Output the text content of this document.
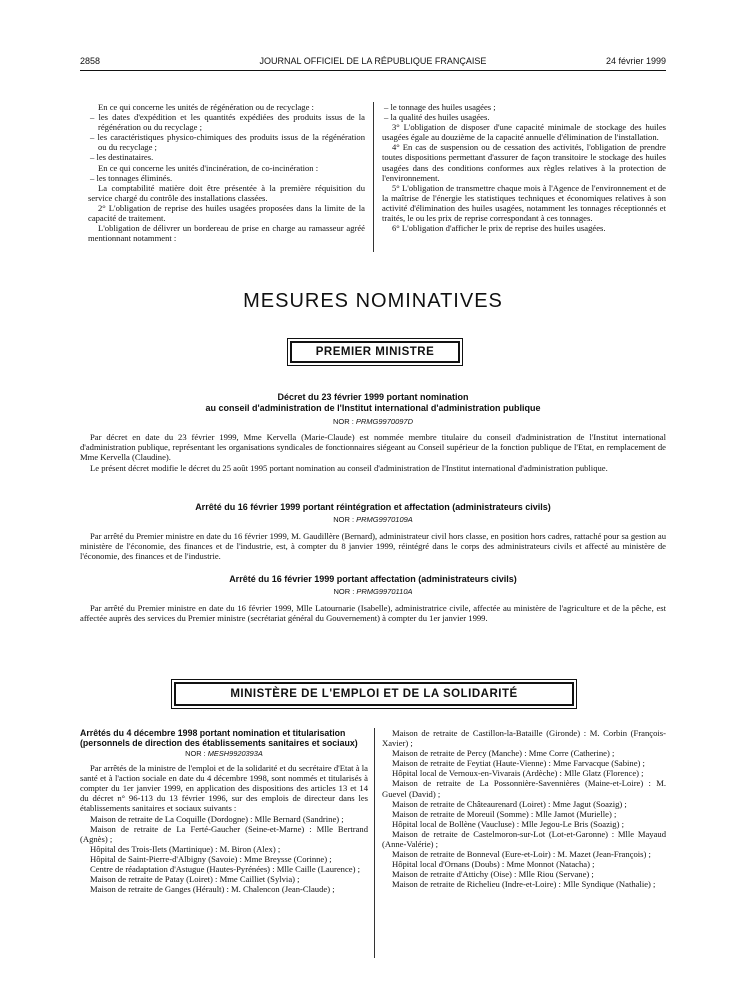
2858	JOURNAL OFFICIEL DE LA RÉPUBLIQUE FRANÇAISE	24 février 1999

En ce qui concerne les unités de régénération ou de recyclage :

– les dates d'expédition et les quantités expédiées des produits issus de la régénération ou du recyclage ;

– les caractéristiques physico-chimiques des produits issus de la régénération ou du recyclage ;

– les destinataires.

En ce qui concerne les unités d'incinération, de co-incinération :

– les tonnages éliminés.

La comptabilité matière doit être présentée à la première réquisition du service chargé du contrôle des installations classées.

2° L'obligation de reprise des huiles usagées proposées dans la limite de la capacité de traitement.

L'obligation de délivrer un bordereau de prise en charge au ramasseur agréé mentionnant notamment :

– le tonnage des huiles usagées ;

– la qualité des huiles usagées.

3° L'obligation de disposer d'une capacité minimale de stockage des huiles usagées égale au douzième de la capacité annuelle d'élimination de l'installation.

4° En cas de suspension ou de cessation des activités, l'obligation de prendre toutes dispositions permettant d'assurer de façon transitoire le stockage des huiles usagées dans des conditions conformes aux règles relatives à la protection de l'environnement.

5° L'obligation de transmettre chaque mois à l'Agence de l'environnement et de la maîtrise de l'énergie les statistiques techniques et économiques relatives à son activité d'élimination des huiles usagées, notamment les tonnages réceptionnés et traités, le ou les prix de reprise correspondant à ces tonnages.

6° L'obligation d'afficher le prix de reprise des huiles usagées.

MESURES NOMINATIVES
PREMIER MINISTRE
Décret du 23 février 1999 portant nomination
au conseil d'administration de l'Institut international d'administration publique
NOR : PRMG9970097D

Par décret en date du 23 février 1999, Mme Kervella (Marie-Claude) est nommée membre titulaire du conseil d'administration de l'Institut international d'administration publique, représentant les organisations syndicales de fonctionnaires siégeant au Conseil supérieur de la fonction publique de l'Etat, en remplacement de Mme Kervella (Claudine).

Le présent décret modifie le décret du 25 août 1995 portant nomination au conseil d'administration de l'Institut international d'administration publique.

Arrêté du 16 février 1999 portant réintégration et affectation (administrateurs civils)
NOR : PRMG9970109A

Par arrêté du Premier ministre en date du 16 février 1999, M. Gaudillère (Bernard), administrateur civil hors classe, en position hors cadres, rattaché pour sa gestion au ministère de l'économie, des finances et de l'industrie, est, à compter du 8 janvier 1999, réintégré dans le corps des administrateurs civils et affecté au ministère de l'économie, des finances et de l'industrie.

Arrêté du 16 février 1999 portant affectation (administrateurs civils)
NOR : PRMG9970110A

Par arrêté du Premier ministre en date du 16 février 1999, Mlle Latournarie (Isabelle), administratrice civile, affectée au ministère de l'agriculture et de la pêche, est affectée auprès des services du Premier ministre (secrétariat général du Gouvernement) à compter du 1er janvier 1999.

MINISTÈRE DE L'EMPLOI ET DE LA SOLIDARITÉ
Arrêtés du 4 décembre 1998 portant nomination et titularisation (personnels de direction des établissements sanitaires et sociaux)
NOR : MESH9920393A

Par arrêtés de la ministre de l'emploi et de la solidarité et du secrétaire d'Etat à la santé et à l'action sociale en date du 4 décembre 1998, sont nommés et titularisés à compter du 1er janvier 1999, en application des dispositions des articles 13 et 14 du décret n° 96-113 du 13 février 1996, sur des emplois de directeur dans les établissements sanitaires et sociaux suivants :

Maison de retraite de La Coquille (Dordogne) : Mlle Bernard (Sandrine) ;

Maison de retraite de La Ferté-Gaucher (Seine-et-Marne) : Mlle Bertrand (Agnès) ;

Hôpital des Trois-Ilets (Martinique) : M. Biron (Alex) ;

Hôpital de Saint-Pierre-d'Albigny (Savoie) : Mme Breysse (Corinne) ;

Centre de réadaptation d'Astugue (Hautes-Pyrénées) : Mlle Caille (Laurence) ;

Maison de retraite de Patay (Loiret) : Mme Cailliet (Sylvia) ;

Maison de retraite de Ganges (Hérault) : M. Chalencon (Jean-Claude) ;

Maison de retraite de Castillon-la-Bataille (Gironde) : M. Corbin (François-Xavier) ;

Maison de retraite de Percy (Manche) : Mme Corre (Catherine) ;

Maison de retraite de Feytiat (Haute-Vienne) : Mme Farvacque (Sabine) ;

Hôpital local de Vernoux-en-Vivarais (Ardèche) : Mlle Glatz (Florence) ;

Maison de retraite de La Possonnière-Savennières (Maine-et-Loire) : M. Guevel (David) ;

Maison de retraite de Châteaurenard (Loiret) : Mme Jagut (Soazig) ;

Maison de retraite de Moreuil (Somme) : Mlle Jamot (Murielle) ;

Hôpital local de Bollène (Vaucluse) : Mlle Jegou-Le Bris (Soazig) ;

Maison de retraite de Castelmoron-sur-Lot (Lot-et-Garonne) : Mlle Mayaud (Anne-Valérie) ;

Maison de retraite de Bonneval (Eure-et-Loir) : M. Mazet (Jean-François) ;

Hôpital local d'Ornans (Doubs) : Mme Monnot (Natacha) ;

Maison de retraite d'Attichy (Oise) : Mlle Riou (Servane) ;

Maison de retraite de Richelieu (Indre-et-Loire) : Mlle Syndique (Nathalie) ;
